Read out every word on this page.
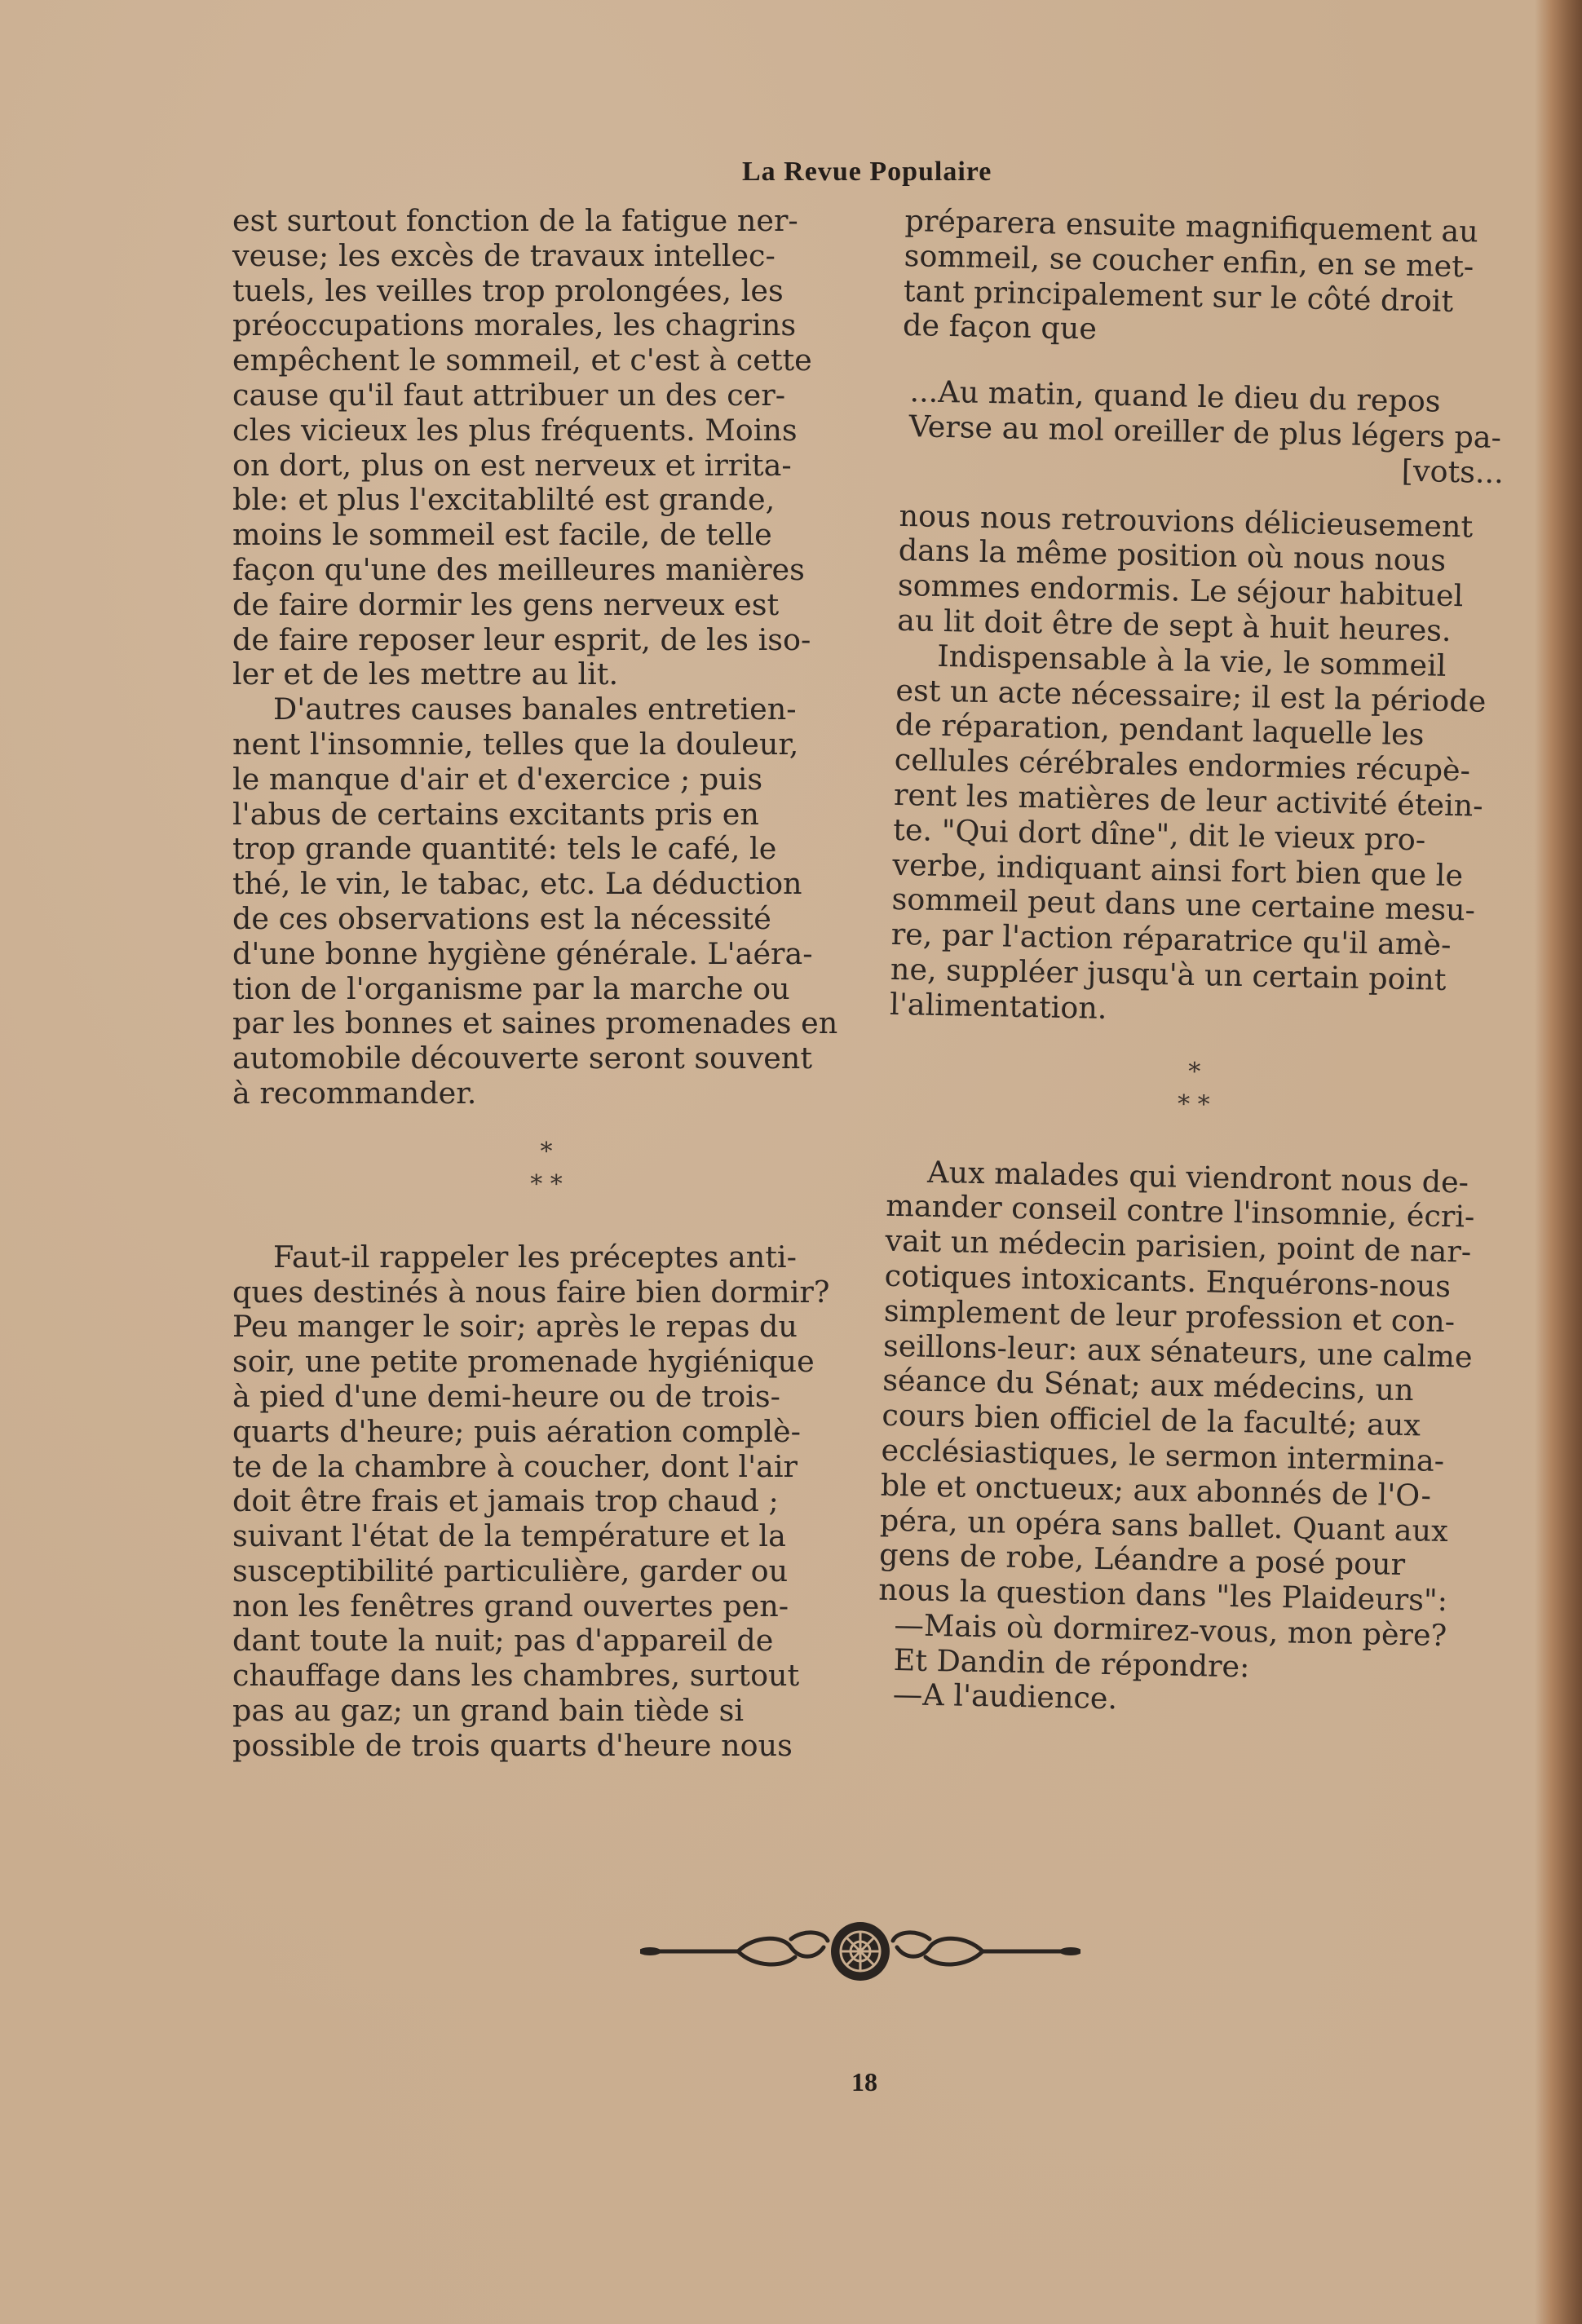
La Revue Populaire

est surtout fonction de la fatigue ner-
veuse; les excès de travaux intellec-
tuels, les veilles trop prolongées, les
préoccupations morales, les chagrins
empêchent le sommeil, et c'est à cette
cause qu'il faut attribuer un des cer-
cles vicieux les plus fréquents. Moins
on dort, plus on est nerveux et irrita-
ble: et plus l'excitablilté est grande,
moins le sommeil est facile, de telle
façon qu'une des meilleures manières
de faire dormir les gens nerveux est
de faire reposer leur esprit, de les iso-
ler et de les mettre au lit.

D'autres causes banales entretien-
nent l'insomnie, telles que la douleur,
le manque d'air et d'exercice ; puis
l'abus de certains excitants pris en
trop grande quantité: tels le café, le
thé, le vin, le tabac, etc. La déduction
de ces observations est la nécessité
d'une bonne hygiène générale. L'aéra-
tion de l'organisme par la marche ou
par les bonnes et saines promenades en
automobile découverte seront souvent
à recommander.

*

* *

Faut-il rappeler les préceptes anti-
ques destinés à nous faire bien dormir?
Peu manger le soir; après le repas du
soir, une petite promenade hygiénique
à pied d'une demi-heure ou de trois-
quarts d'heure; puis aération complè-
te de la chambre à coucher, dont l'air
doit être frais et jamais trop chaud ;
suivant l'état de la température et la
susceptibilité particulière, garder ou
non les fenêtres grand ouvertes pen-
dant toute la nuit; pas d'appareil de
chauffage dans les chambres, surtout
pas au gaz; un grand bain tiède si
possible de trois quarts d'heure nous

préparera ensuite magnifiquement au
sommeil, se coucher enfin, en se met-
tant principalement sur le côté droit
de façon que

...Au matin, quand le dieu du repos

Verse au mol oreiller de plus légers pa-

[vots...

nous nous retrouvions délicieusement
dans la même position où nous nous
sommes endormis. Le séjour habituel
au lit doit être de sept à huit heures.

Indispensable à la vie, le sommeil
est un acte nécessaire; il est la période
de réparation, pendant laquelle les
cellules cérébrales endormies récupè-
rent les matières de leur activité étein-
te. "Qui dort dîne", dit le vieux pro-
verbe, indiquant ainsi fort bien que le
sommeil peut dans une certaine mesu-
re, par l'action réparatrice qu'il amè-
ne, suppléer jusqu'à un certain point
l'alimentation.

*

* *

Aux malades qui viendront nous de-
mander conseil contre l'insomnie, écri-
vait un médecin parisien, point de nar-
cotiques intoxicants. Enquérons-nous
simplement de leur profession et con-
seillons-leur: aux sénateurs, une calme
séance du Sénat; aux médecins, un
cours bien officiel de la faculté; aux
ecclésiastiques, le sermon intermina-
ble et onctueux; aux abonnés de l'O-
péra, un opéra sans ballet. Quant aux
gens de robe, Léandre a posé pour
nous la question dans "les Plaideurs":

—Mais où dormirez-vous, mon père?

Et Dandin de répondre:

—A l'audience.

18
